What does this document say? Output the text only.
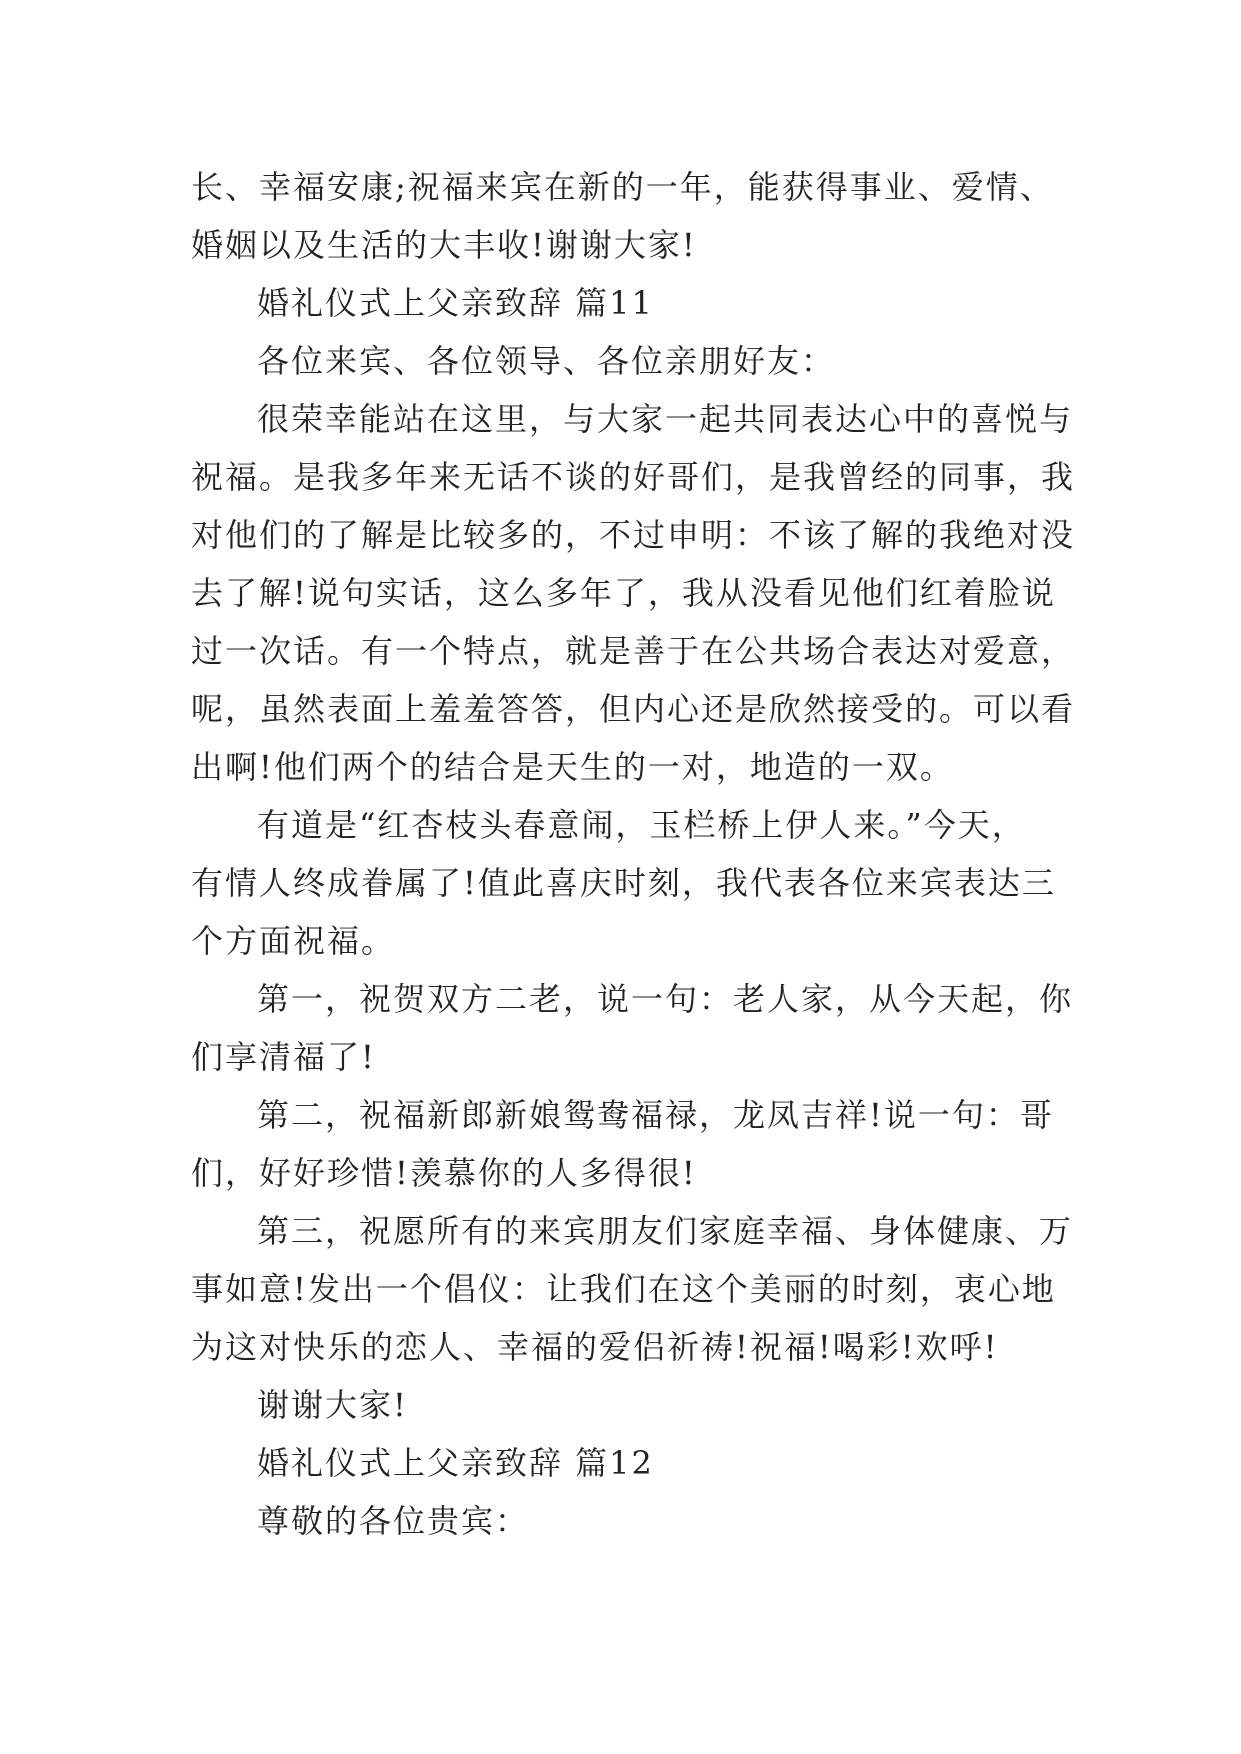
长、幸福安康;祝福来宾在新的一年，能获得事业、爱情、
婚姻以及生活的大丰收!谢谢大家!
婚礼仪式上父亲致辞 篇11
各位来宾、各位领导、各位亲朋好友：
很荣幸能站在这里，与大家一起共同表达心中的喜悦与
祝福。是我多年来无话不谈的好哥们，是我曾经的同事，我
对他们的了解是比较多的，不过申明：不该了解的我绝对没
去了解!说句实话，这么多年了，我从没看见他们红着脸说
过一次话。有一个特点，就是善于在公共场合表达对爱意，
呢，虽然表面上羞羞答答，但内心还是欣然接受的。可以看
出啊!他们两个的结合是天生的一对，地造的一双。
有道是“红杏枝头春意闹，玉栏桥上伊人来。”今天，
有情人终成眷属了!值此喜庆时刻，我代表各位来宾表达三
个方面祝福。
第一，祝贺双方二老，说一句：老人家，从今天起，你
们享清福了!
第二，祝福新郎新娘鸳鸯福禄，龙凤吉祥!说一句：哥
们，好好珍惜!羡慕你的人多得很!
第三，祝愿所有的来宾朋友们家庭幸福、身体健康、万
事如意!发出一个倡仪：让我们在这个美丽的时刻，衷心地
为这对快乐的恋人、幸福的爱侣祈祷!祝福!喝彩!欢呼!
谢谢大家!
婚礼仪式上父亲致辞 篇12
尊敬的各位贵宾：
